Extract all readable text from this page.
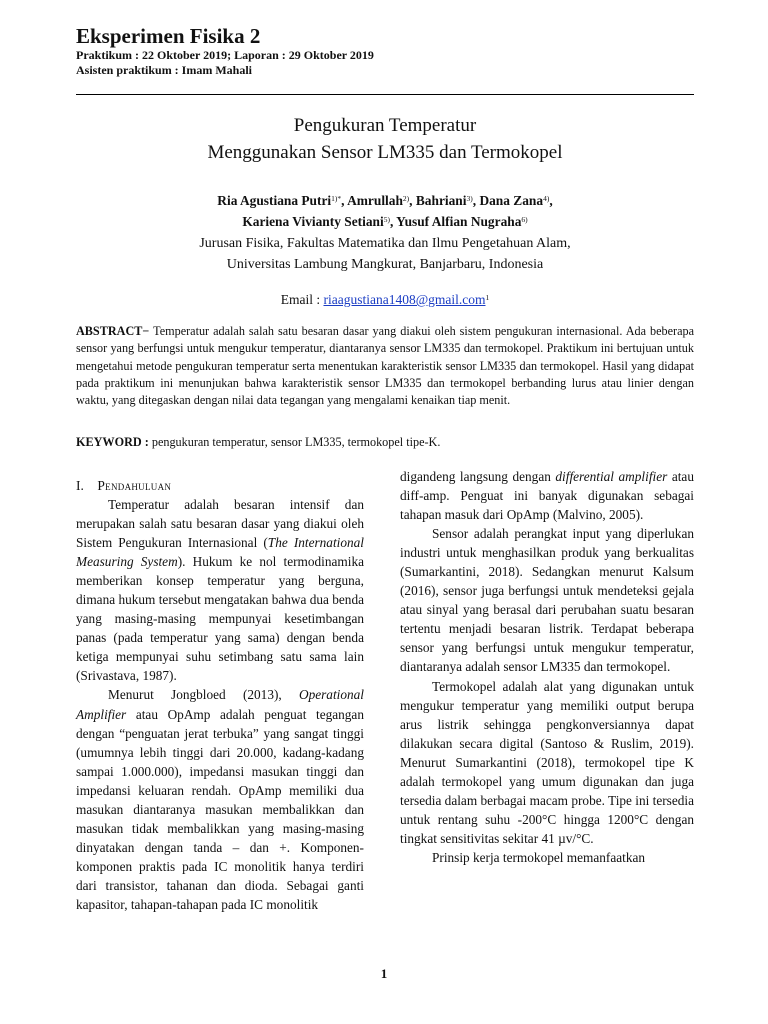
Eksperimen Fisika 2
Praktikum : 22 Oktober 2019; Laporan : 29 Oktober 2019
Asisten praktikum : Imam Mahali
Pengukuran Temperatur
Menggunakan Sensor LM335 dan Termokopel
Ria Agustiana Putri$^{1)*}$, Amrullah$^{2)}$, Bahriani$^{3)}$, Dana Zana$^{4)}$,
Kariena Vivianty Setiani$^{5)}$, Yusuf Alfian Nugraha$^{6)}$
Jurusan Fisika, Fakultas Matematika dan Ilmu Pengetahuan Alam,
Universitas Lambung Mangkurat, Banjarbaru, Indonesia
Email : riaagustiana1408@gmail.com$^1$
ABSTRACT− Temperatur adalah salah satu besaran dasar yang diakui oleh sistem pengukuran internasional. Ada beberapa sensor yang berfungsi untuk mengukur temperatur, diantaranya sensor LM335 dan termokopel. Praktikum ini bertujuan untuk mengetahui metode pengukuran temperatur serta menentukan karakteristik sensor LM335 dan termokopel. Hasil yang didapat pada praktikum ini menunjukan bahwa karakteristik sensor LM335 dan termokopel berbanding lurus atau linier dengan waktu, yang ditegaskan dengan nilai data tegangan yang mengalami kenaikan tiap menit.
KEYWORD : pengukuran temperatur, sensor LM335, termokopel tipe-K.
I. Pendahuluan

Temperatur adalah besaran intensif dan merupakan salah satu besaran dasar yang diakui oleh Sistem Pengukuran Internasional (The International Measuring System). Hukum ke nol termodinamika memberikan konsep temperatur yang berguna, dimana hukum tersebut mengatakan bahwa dua benda yang masing-masing mempunyai kesetimbangan panas (pada temperatur yang sama) dengan benda ketiga mempunyai suhu setimbang satu sama lain (Srivastava, 1987).

Menurut Jongbloed (2013), Operational Amplifier atau OpAmp adalah penguat tegangan dengan “penguatan jerat terbuka” yang sangat tinggi (umumnya lebih tinggi dari 20.000, kadang-kadang sampai 1.000.000), impedansi masukan tinggi dan impedansi keluaran rendah. OpAmp memiliki dua masukan diantaranya masukan membalikkan dan masukan tidak membalikkan yang masing-masing dinyatakan dengan tanda – dan +. Komponen-komponen praktis pada IC monolitik hanya terdiri dari transistor, tahanan dan dioda. Sebagai ganti kapasitor, tahapan-tahapan pada IC monolitik

digandeng langsung dengan differential amplifier atau diff-amp. Penguat ini banyak digunakan sebagai tahapan masuk dari OpAmp (Malvino, 2005).

Sensor adalah perangkat input yang diperlukan industri untuk menghasilkan produk yang berkualitas (Sumarkantini, 2018). Sedangkan menurut Kalsum (2016), sensor juga berfungsi untuk mendeteksi gejala atau sinyal yang berasal dari perubahan suatu besaran tertentu menjadi besaran listrik. Terdapat beberapa sensor yang berfungsi untuk mengukur temperatur, diantaranya adalah sensor LM335 dan termokopel.

Termokopel adalah alat yang digunakan untuk mengukur temperatur yang memiliki output berupa arus listrik sehingga pengkonversiannya dapat dilakukan secara digital (Santoso & Ruslim, 2019). Menurut Sumarkantini (2018), termokopel tipe K adalah termokopel yang umum digunakan dan juga tersedia dalam berbagai macam probe. Tipe ini tersedia untuk rentang suhu -200°C hingga 1200°C dengan tingkat sensitivitas sekitar 41 µv/°C.

Prinsip kerja termokopel memanfaatkan

1
